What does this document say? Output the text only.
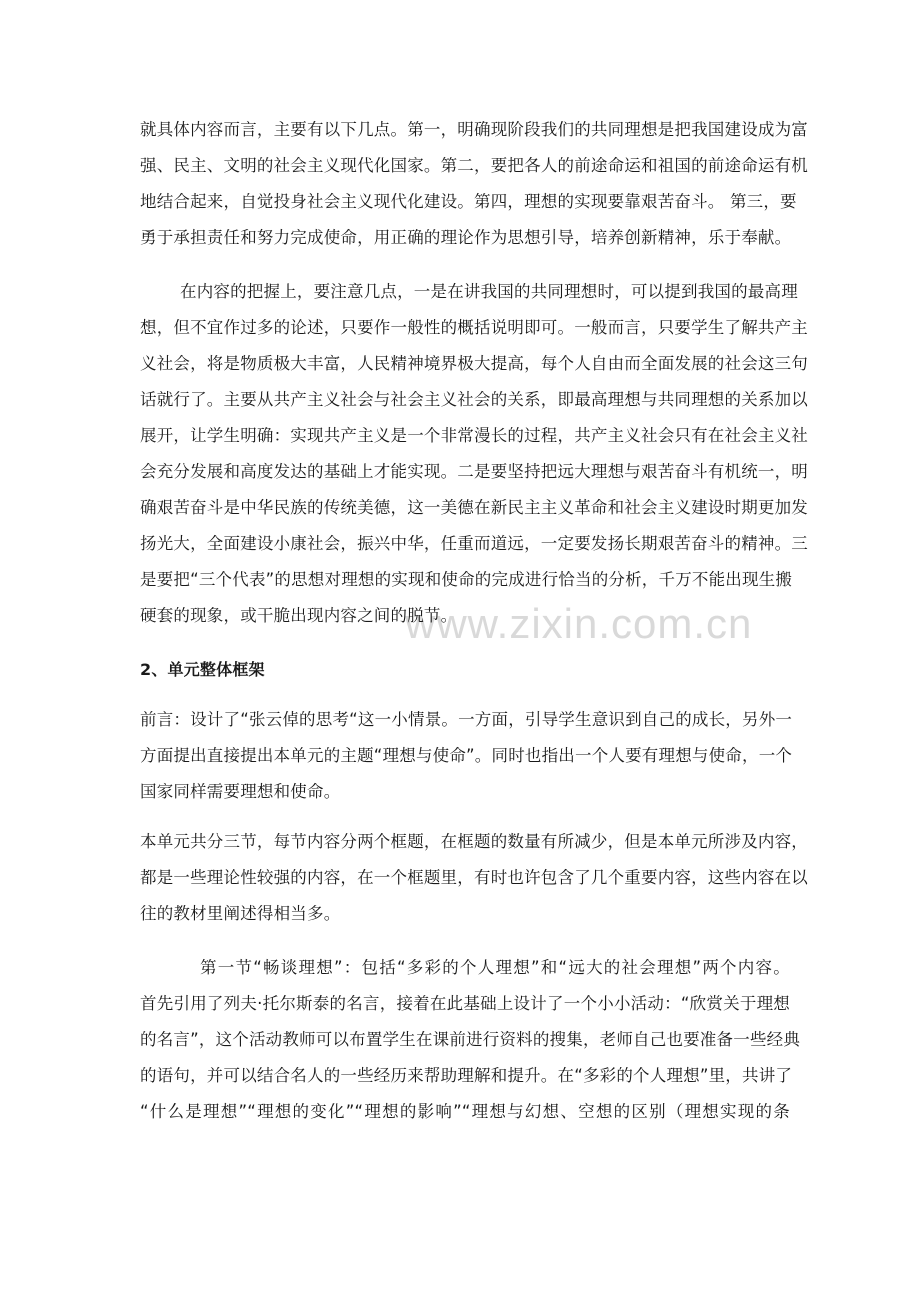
www.zixin.com.cn
就具体内容而言，主要有以下几点。第一，明确现阶段我们的共同理想是把我国建设成为富
强、民主、文明的社会主义现代化国家。第二，要把各人的前途命运和祖国的前途命运有机
地结合起来，自觉投身社会主义现代化建设。第四，理想的实现要靠艰苦奋斗。 第三，要
勇于承担责任和努力完成使命，用正确的理论作为思想引导，培养创新精神，乐于奉献。
在内容的把握上，要注意几点，一是在讲我国的共同理想时，可以提到我国的最高理
想，但不宜作过多的论述，只要作一般性的概括说明即可。一般而言，只要学生了解共产主
义社会，将是物质极大丰富，人民精神境界极大提高，每个人自由而全面发展的社会这三句
话就行了。主要从共产主义社会与社会主义社会的关系，即最高理想与共同理想的关系加以
展开，让学生明确：实现共产主义是一个非常漫长的过程，共产主义社会只有在社会主义社
会充分发展和高度发达的基础上才能实现。二是要坚持把远大理想与艰苦奋斗有机统一，明
确艰苦奋斗是中华民族的传统美德，这一美德在新民主主义革命和社会主义建设时期更加发
扬光大，全面建设小康社会，振兴中华，任重而道远，一定要发扬长期艰苦奋斗的精神。三
是要把“三个代表”的思想对理想的实现和使命的完成进行恰当的分析，千万不能出现生搬
硬套的现象，或干脆出现内容之间的脱节。
2、单元整体框架
前言：设计了“张云倬的思考“这一小情景。一方面，引导学生意识到自己的成长，另外一
方面提出直接提出本单元的主题“理想与使命”。同时也指出一个人要有理想与使命，一个
国家同样需要理想和使命。
本单元共分三节，每节内容分两个框题，在框题的数量有所减少，但是本单元所涉及内容，
都是一些理论性较强的内容，在一个框题里，有时也许包含了几个重要内容，这些内容在以
往的教材里阐述得相当多。
第一节“畅谈理想”：包括“多彩的个人理想”和“远大的社会理想”两个内容。
首先引用了列夫·托尔斯泰的名言，接着在此基础上设计了一个小小活动：“欣赏关于理想
的名言”，这个活动教师可以布置学生在课前进行资料的搜集，老师自己也要准备一些经典
的语句，并可以结合名人的一些经历来帮助理解和提升。在“多彩的个人理想”里，共讲了
“什么是理想”“理想的变化”“理想的影响”“理想与幻想、空想的区别（理想实现的条
